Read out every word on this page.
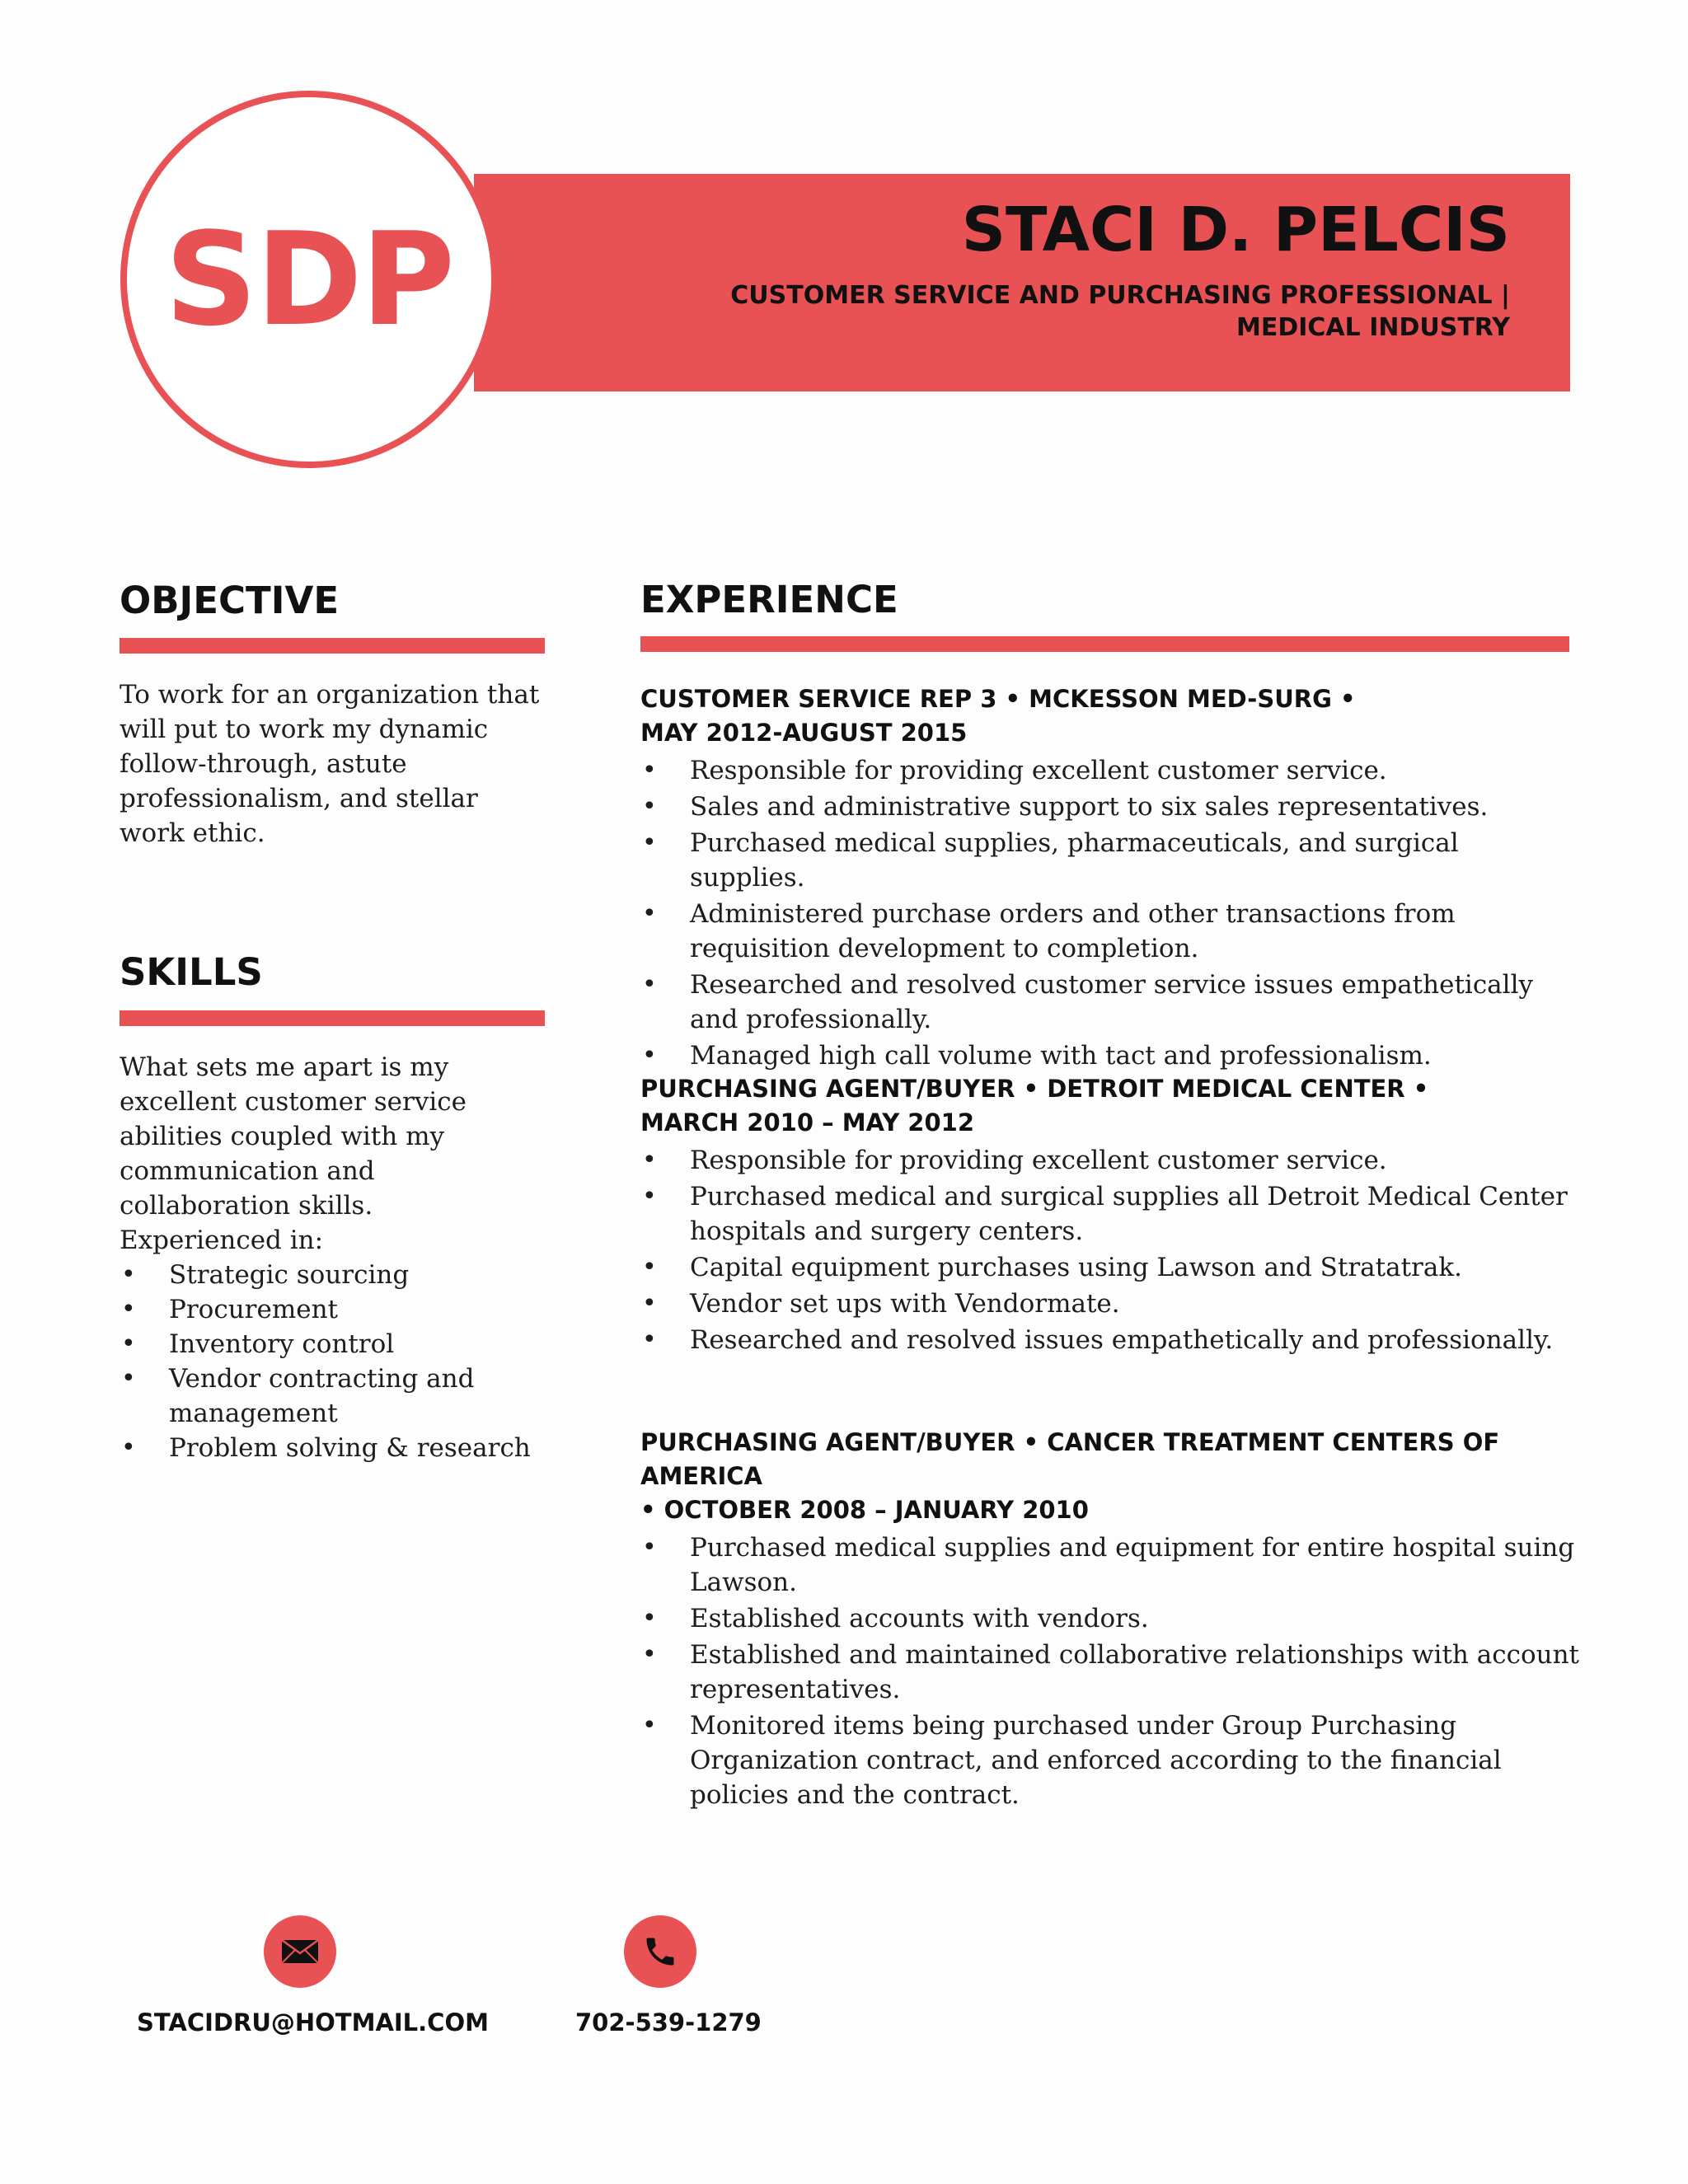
SDP	STACI D. PELCIS
CUSTOMER SERVICE AND PURCHASING PROFESSIONAL | MEDICAL INDUSTRY
OBJECTIVE

To work for an organization that will put to work my dynamic follow-through, astute professionalism, and stellar work ethic.

SKILLS

What sets me apart is my excellent customer service abilities coupled with my communication and collaboration skills.

Experienced in:

• Strategic sourcing
• Procurement
• Inventory control
• Vendor contracting and management
• Problem solving & research
EXPERIENCE
CUSTOMER SERVICE REP 3 • MCKESSON MED-SURG •
MAY 2012-AUGUST 2015
• Responsible for providing excellent customer service.
• Sales and administrative support to six sales representatives.
• Purchased medical supplies, pharmaceuticals, and surgical supplies.
• Administered purchase orders and other transactions from requisition development to completion.
• Researched and resolved customer service issues empathetically and professionally.
• Managed high call volume with tact and professionalism.
PURCHASING AGENT/BUYER • DETROIT MEDICAL CENTER •
MARCH 2010 – MAY 2012
• Responsible for providing excellent customer service.
• Purchased medical and surgical supplies all Detroit Medical Center hospitals and surgery centers.
• Capital equipment purchases using Lawson and Stratatrak.
• Vendor set ups with Vendormate.
• Researched and resolved issues empathetically and professionally.
PURCHASING AGENT/BUYER • CANCER TREATMENT CENTERS OF AMERICA
• OCTOBER 2008 – JANUARY 2010
• Purchased medical supplies and equipment for entire hospital suing Lawson.
• Established accounts with vendors.
• Established and maintained collaborative relationships with account representatives.
• Monitored items being purchased under Group Purchasing Organization contract, and enforced according to the financial policies and the contract.
STACIDRU@HOTMAIL.COM	702-539-1279
